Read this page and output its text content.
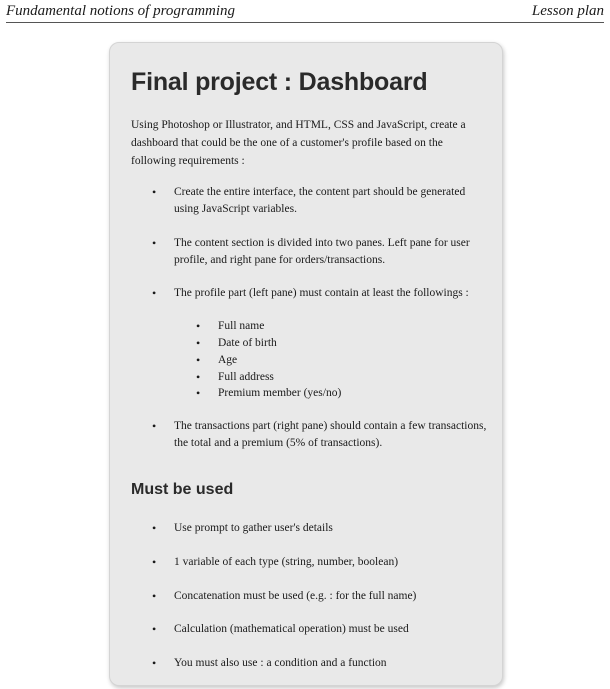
Fundamental notions of programming	Lesson plan
Final project : Dashboard

Using Photoshop or Illustrator, and HTML, CSS and JavaScript, create a dashboard that could be the one of a customer's profile based on the following requirements :

• Create the entire interface, the content part should be generated using JavaScript variables.
• The content section is divided into two panes. Left pane for user profile, and right pane for orders/transactions.
• The profile part (left pane) must contain at least the followings :
• Full name
• Date of birth
• Age
• Full address
• Premium member (yes/no)
• The transactions part (right pane) should contain a few transactions, the total and a premium (5% of transactions).
Must be used
• Use prompt to gather user's details
• 1 variable of each type (string, number, boolean)
• Concatenation must be used (e.g. : for the full name)
• Calculation (mathematical operation) must be used
• You must also use : a condition and a function
